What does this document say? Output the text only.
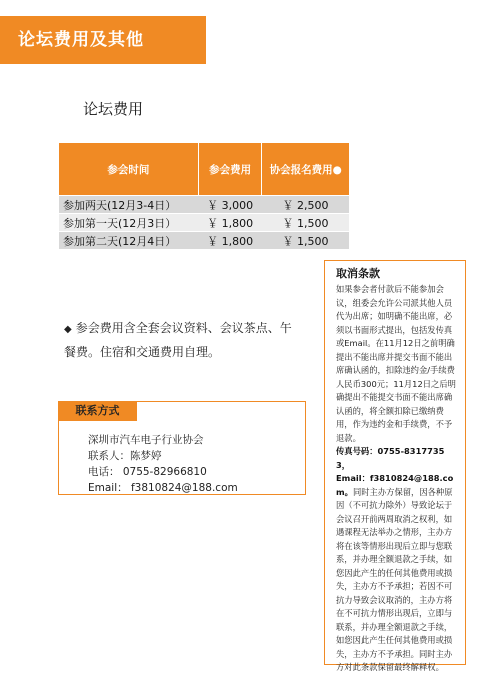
论坛费用及其他
论坛费用
参会时间	参会费用	协会报名费用●
参加两天(12月3-4日）	￥ 3,000	￥ 2,500
参加第一天(12月3日）	￥ 1,800	￥ 1,500
参加第二天(12月4日）	￥ 1,800	￥ 1,500
◆ 参会费用含全套会议资料、会议茶点、午餐费。住宿和交通费用自理。
联系方式
深圳市汽车电子行业协会
联系人：陈梦婷
电话： 0755-82966810
Email： f3810824@188.com
取消条款
如果参会者付款后不能参加会议，组委会允许公司派其他人员代为出席；如明确不能出席，必须以书面形式提出，包括发传真或Email。在11月12日之前明确提出不能出席并提交书面不能出席确认函的，扣除违约金/手续费人民币300元；11月12日之后明确提出不能提交书面不能出席确认函的，将全额扣除已缴纳费用，作为违约金和手续费，不予退款。
传真号码：0755-83177353，
Email：f3810824@188.com。同时主办方保留，因各种原因（不可抗力除外）导致论坛于会议召开前两周取消之权利，如遇课程无法举办之情形，主办方将在该等情形出现后立即与您联系，并办理全额退款之手续，如您因此产生的任何其他费用或损失，主办方不予承担；若因不可抗力导致会议取消的，主办方将在不可抗力情形出现后，立即与联系，并办理全额退款之手续，如您因此产生任何其他费用或损失，主办方不予承担。同时主办方对此条款保留最终解释权。
